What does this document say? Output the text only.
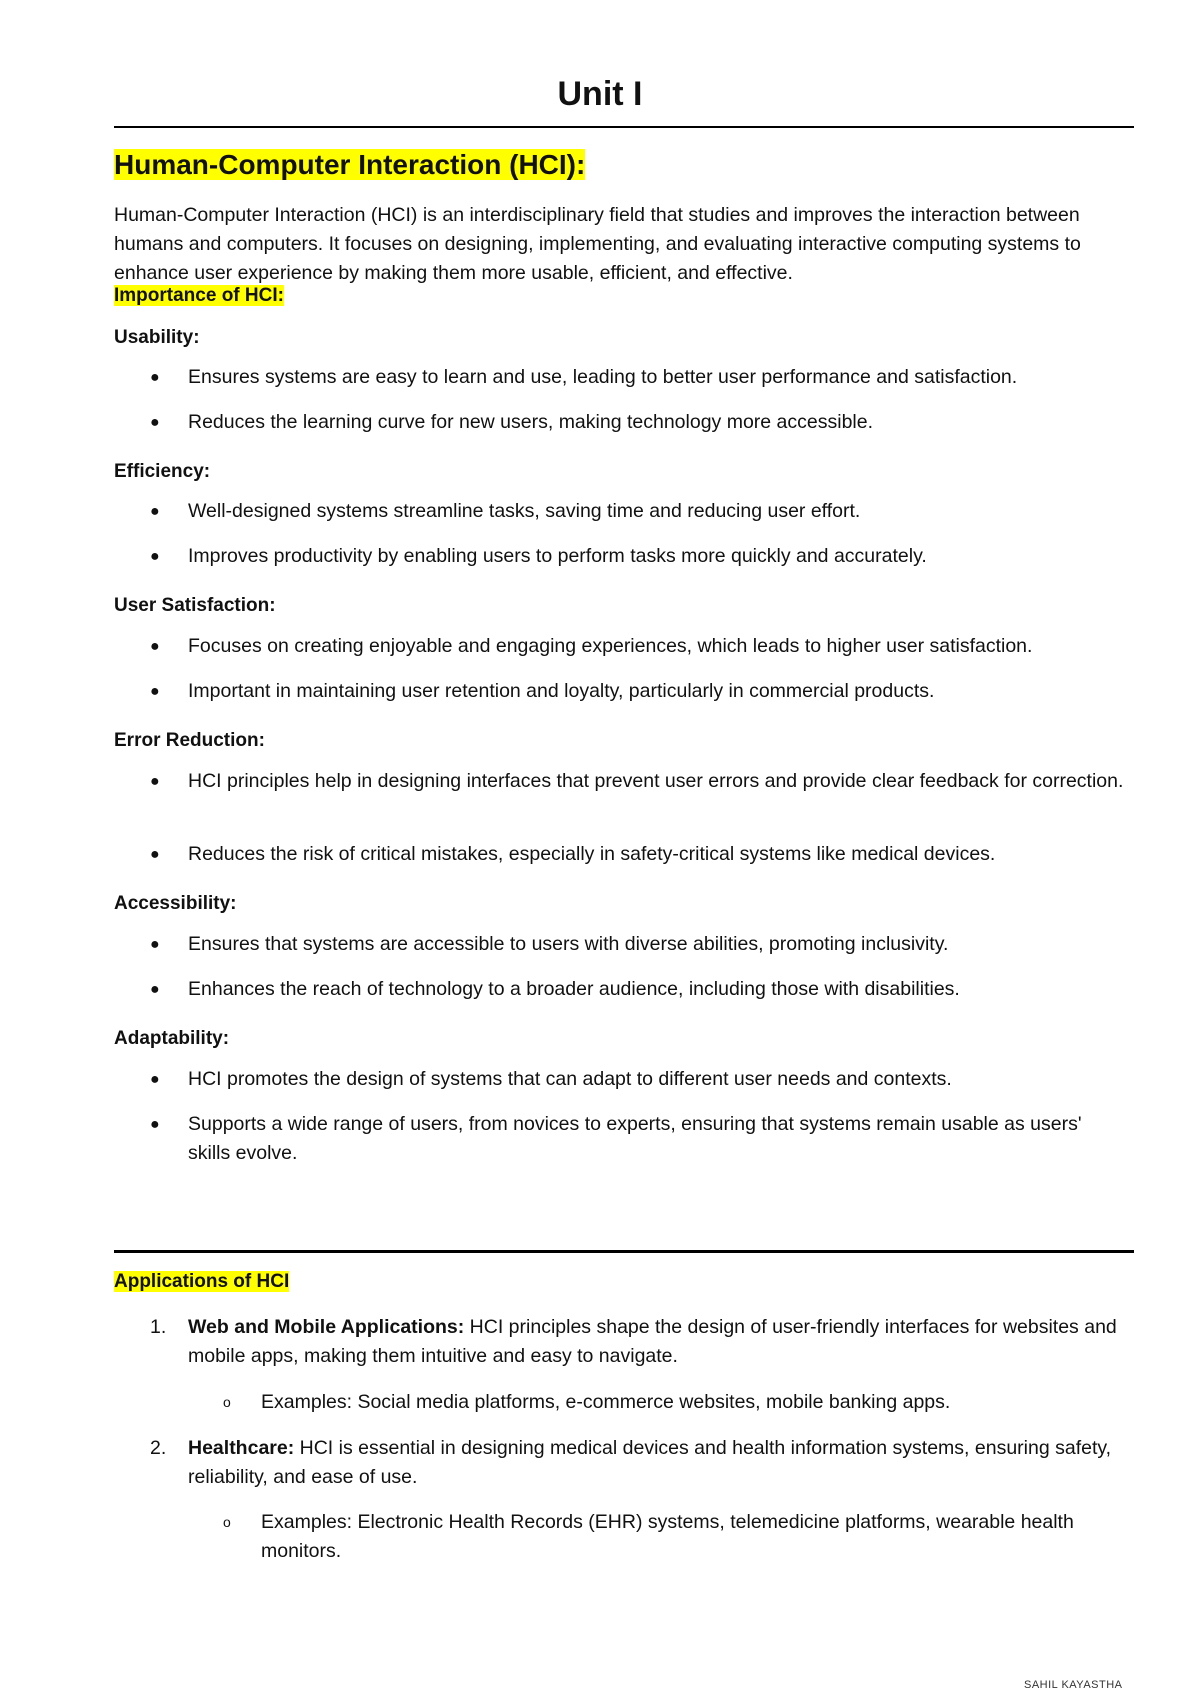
Unit I
Human-Computer Interaction (HCI):

Human-Computer Interaction (HCI) is an interdisciplinary field that studies and improves the interaction between humans and computers. It focuses on designing, implementing, and evaluating interactive computing systems to enhance user experience by making them more usable, efficient, and effective.

Importance of HCI:

Usability:

●	Ensures systems are easy to learn and use, leading to better user performance and satisfaction.
●	Reduces the learning curve for new users, making technology more accessible.

Efficiency:

●	Well-designed systems streamline tasks, saving time and reducing user effort.
●	Improves productivity by enabling users to perform tasks more quickly and accurately.

User Satisfaction:

●	Focuses on creating enjoyable and engaging experiences, which leads to higher user satisfaction.
●	Important in maintaining user retention and loyalty, particularly in commercial products.

Error Reduction:

●	HCI principles help in designing interfaces that prevent user errors and provide clear feedback for correction.
●	Reduces the risk of critical mistakes, especially in safety-critical systems like medical devices.

Accessibility:

●	Ensures that systems are accessible to users with diverse abilities, promoting inclusivity.
●	Enhances the reach of technology to a broader audience, including those with disabilities.

Adaptability:

●	HCI promotes the design of systems that can adapt to different user needs and contexts.
●	Supports a wide range of users, from novices to experts, ensuring that systems remain usable as users' skills evolve.

Applications of HCI

1.	Web and Mobile Applications: HCI principles shape the design of user-friendly interfaces for websites and mobile apps, making them intuitive and easy to navigate.
o	Examples: Social media platforms, e-commerce websites, mobile banking apps.
2.	Healthcare: HCI is essential in designing medical devices and health information systems, ensuring safety, reliability, and ease of use.
o	Examples: Electronic Health Records (EHR) systems, telemedicine platforms, wearable health monitors.
SAHIL KAYASTHA
